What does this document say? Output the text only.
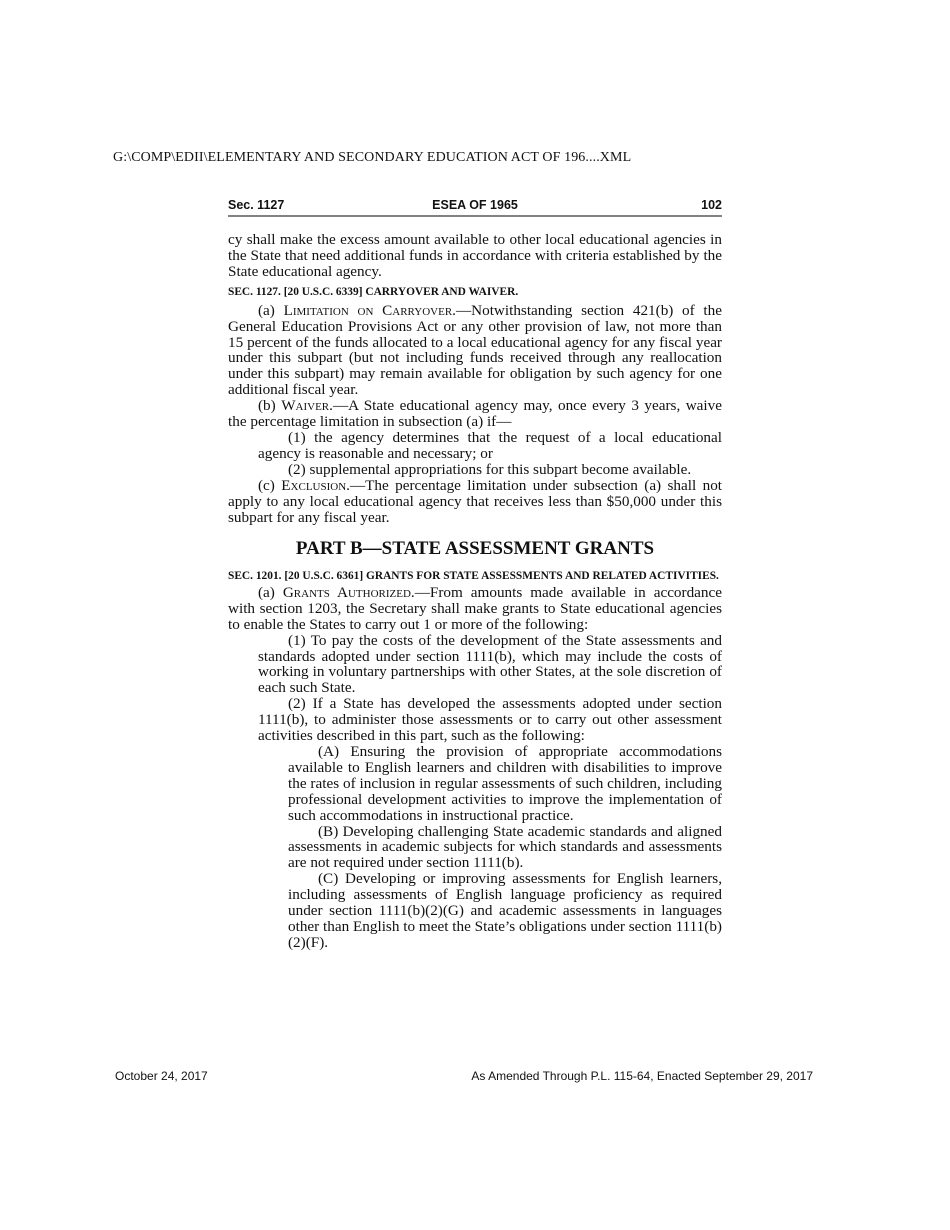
G:\COMP\EDII\ELEMENTARY AND SECONDARY EDUCATION ACT OF 196....XML
Sec. 1127	ESEA OF 1965	102

cy shall make the excess amount available to other local educational agencies in the State that need additional funds in accordance with criteria established by the State educational agency.

SEC. 1127. [20 U.S.C. 6339] CARRYOVER AND WAIVER.

(a) Limitation on Carryover.—Notwithstanding section 421(b) of the General Education Provisions Act or any other provision of law, not more than 15 percent of the funds allocated to a local educational agency for any fiscal year under this subpart (but not including funds received through any reallocation under this subpart) may remain available for obligation by such agency for one additional fiscal year.

(b) Waiver.—A State educational agency may, once every 3 years, waive the percentage limitation in subsection (a) if—

(1) the agency determines that the request of a local educational agency is reasonable and necessary; or

(2) supplemental appropriations for this subpart become available.

(c) Exclusion.—The percentage limitation under subsection (a) shall not apply to any local educational agency that receives less than $50,000 under this subpart for any fiscal year.

PART B—STATE ASSESSMENT GRANTS

SEC. 1201. [20 U.S.C. 6361] GRANTS FOR STATE ASSESSMENTS AND RELATED ACTIVITIES.

(a) Grants Authorized.—From amounts made available in accordance with section 1203, the Secretary shall make grants to State educational agencies to enable the States to carry out 1 or more of the following:

(1) To pay the costs of the development of the State assessments and standards adopted under section 1111(b), which may include the costs of working in voluntary partnerships with other States, at the sole discretion of each such State.

(2) If a State has developed the assessments adopted under section 1111(b), to administer those assessments or to carry out other assessment activities described in this part, such as the following:

(A) Ensuring the provision of appropriate accommodations available to English learners and children with disabilities to improve the rates of inclusion in regular assessments of such children, including professional development activities to improve the implementation of such accommodations in instructional practice.

(B) Developing challenging State academic standards and aligned assessments in academic subjects for which standards and assessments are not required under section 1111(b).

(C) Developing or improving assessments for English learners, including assessments of English language proficiency as required under section 1111(b)(2)(G) and academic assessments in languages other than English to meet the State’s obligations under section 1111(b)(2)(F).

October 24, 2017	As Amended Through P.L. 115-64, Enacted September 29, 2017
